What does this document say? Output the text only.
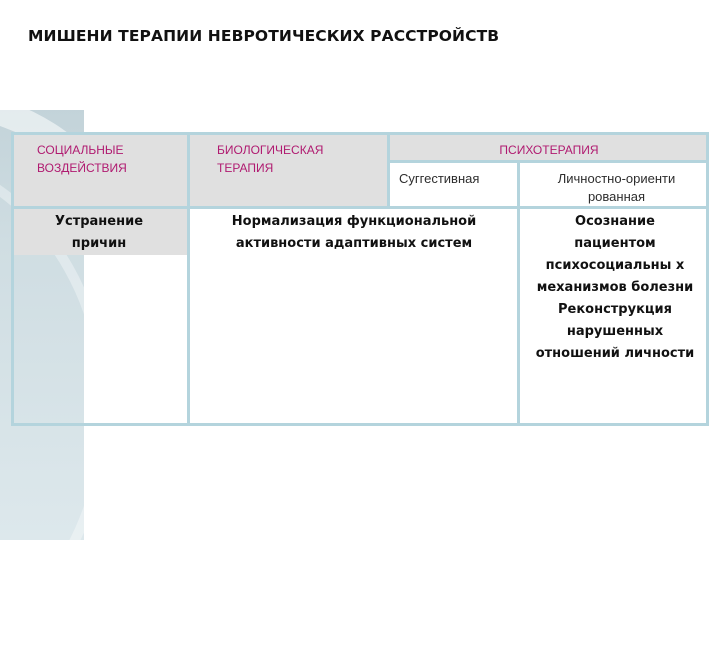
МИШЕНИ ТЕРАПИИ НЕВРОТИЧЕСКИХ РАССТРОЙСТВ
СОЦИАЛЬНЫЕ ВОЗДЕЙСТВИЯ
БИОЛОГИЧЕСКАЯ ТЕРАПИЯ
ПСИХОТЕРАПИЯ
Суггестивная	Личностно-ориенти рованная
Устранение причин
Нормализация функциональной активности адаптивных систем
Осознание пациентом психосоциальны х механизмов болезни Реконструкция нарушенных отношений личности
